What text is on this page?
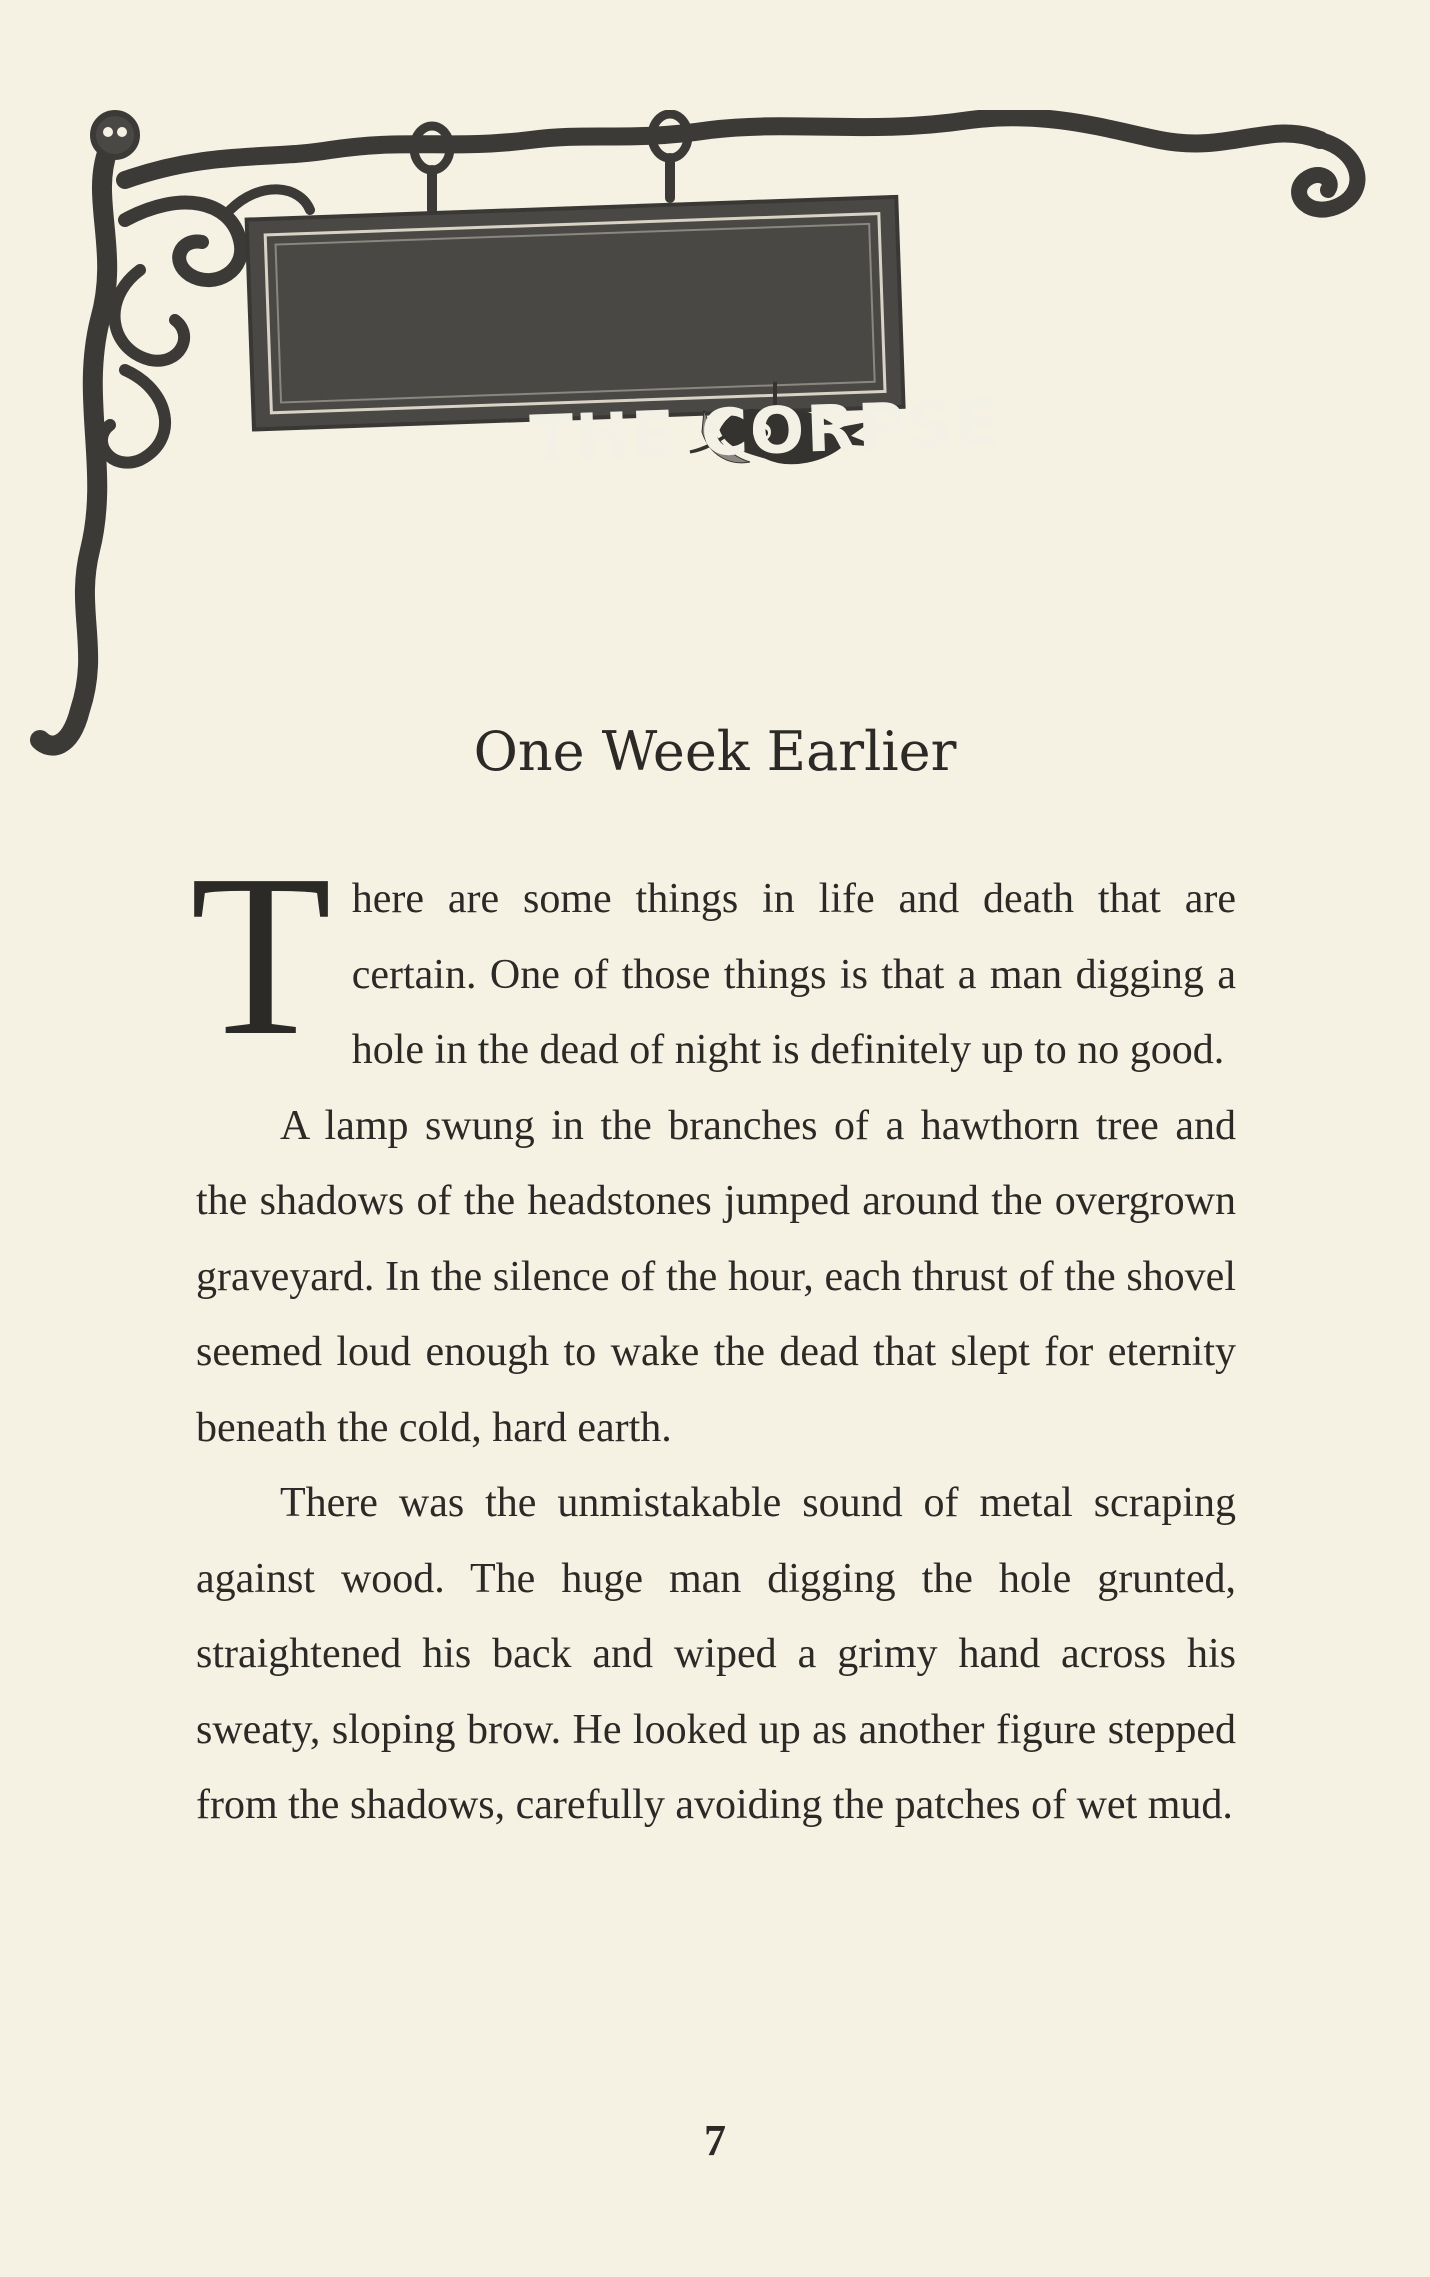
THE CORPSE
One Week Earlier

There are some things in life and death that are certain. One of those things is that a man digging a hole in the dead of night is definitely up to no good.

A lamp swung in the branches of a hawthorn tree and the shadows of the headstones jumped around the overgrown graveyard. In the silence of the hour, each thrust of the shovel seemed loud enough to wake the dead that slept for eternity beneath the cold, hard earth.

There was the unmistakable sound of metal scraping against wood. The huge man digging the hole grunted, straightened his back and wiped a grimy hand across his sweaty, sloping brow. He looked up as another figure stepped from the shadows, carefully avoiding the patches of wet mud.

7
